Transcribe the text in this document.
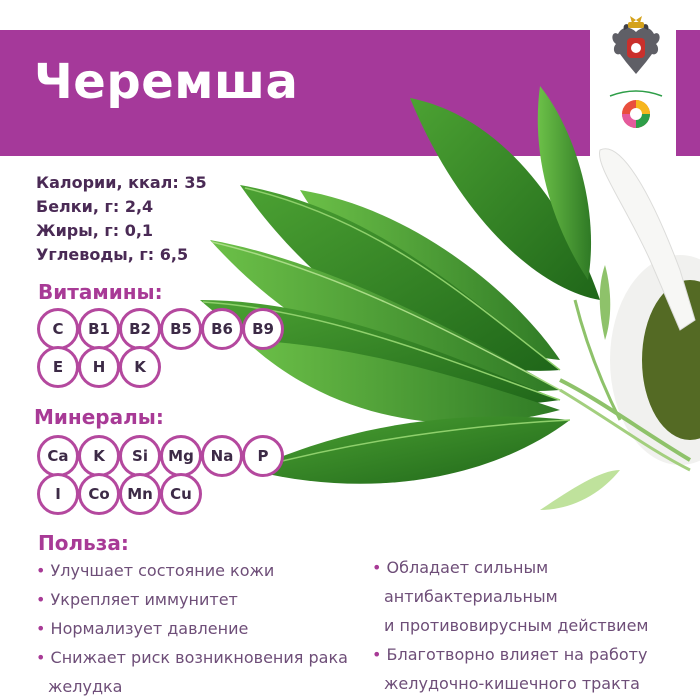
Черемша
Калории, ккал: 35
Белки, г: 2,4
Жиры, г: 0,1
Углеводы, г: 6,5
Витамины:
C	B1	B2	B5	B6	B9
E	H	K
Минералы:
Ca	K	Si	Mg	Na	P
I	Co	Mn	Cu
Польза:
• Улучшает состояние кожи
• Укрепляет иммунитет
• Нормализует давление
• Снижает риск возникновения рака
желудка
• Обладает сильным
антибактериальным
и противовирусным действием
• Благотворно влияет на работу
желудочно-кишечного тракта
